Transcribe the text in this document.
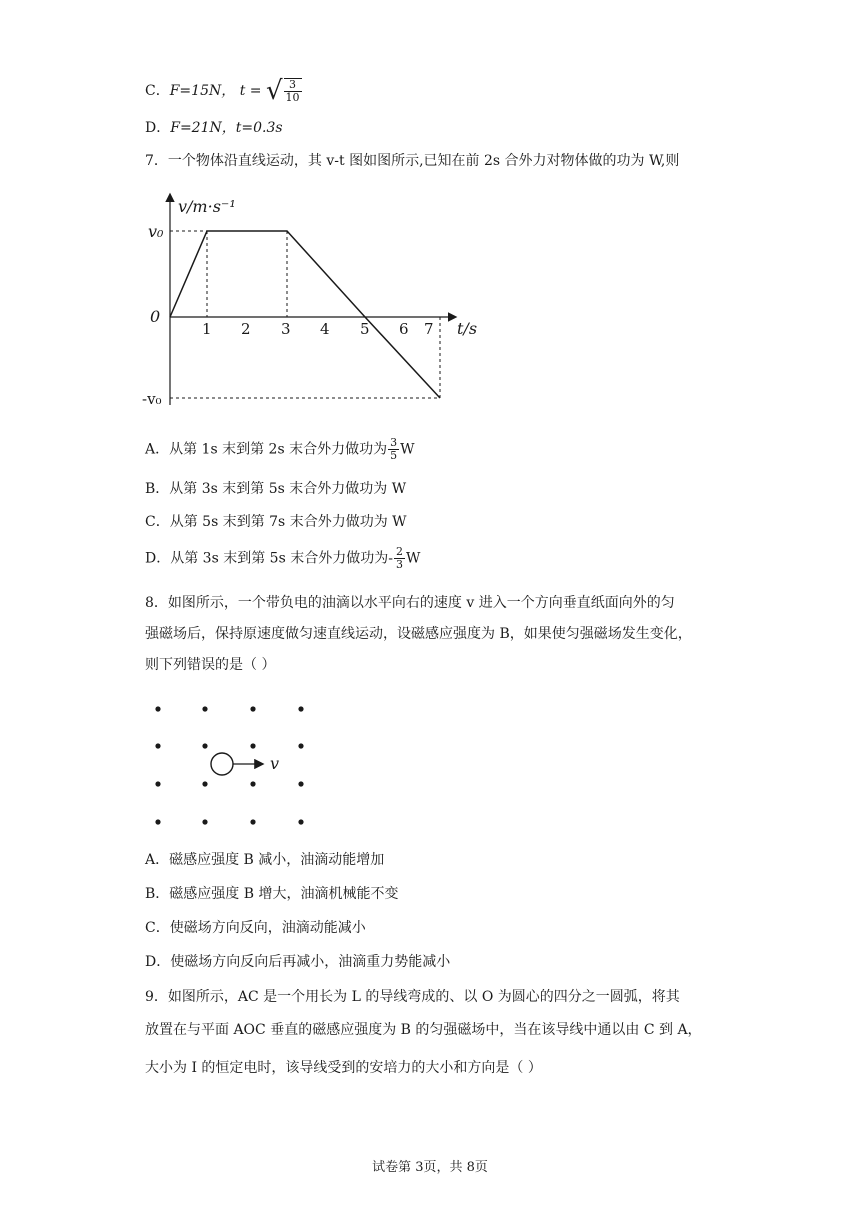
C．F=15N， t = √ $\frac{3}{10}$
D．F=21N，t=0.3s
7．一个物体沿直线运动，其 v-t 图如图所示,已知在前 2s 合外力对物体做的功为 W,则
v/m·s⁻¹
t/s
v₀
-v₀
0
1 2 3 4 5 6 7
v
A．从第 1s 末到第 2s 末合外力做功为 $\frac{3}{5}$ W
B．从第 3s 末到第 5s 末合外力做功为 W
C．从第 5s 末到第 7s 末合外力做功为 W
D．从第 3s 末到第 5s 末合外力做功为- $\frac{2}{3}$ W
8．如图所示，一个带负电的油滴以水平向右的速度 v 进入一个方向垂直纸面向外的匀
强磁场后，保持原速度做匀速直线运动，设磁感应强度为 B，如果使匀强磁场发生变化，
则下列错误的是（ ）
A．磁感应强度 B 减小，油滴动能增加
B．磁感应强度 B 增大，油滴机械能不变
C．使磁场方向反向，油滴动能减小
D．使磁场方向反向后再减小，油滴重力势能减小
9．如图所示，AC 是一个用长为 L 的导线弯成的、以 O 为圆心的四分之一圆弧，将其
放置在与平面 AOC 垂直的磁感应强度为 B 的匀强磁场中，当在该导线中通以由 C 到 A，
大小为 I 的恒定电时，该导线受到的安培力的大小和方向是（ ）
试卷第 3页，共 8页
